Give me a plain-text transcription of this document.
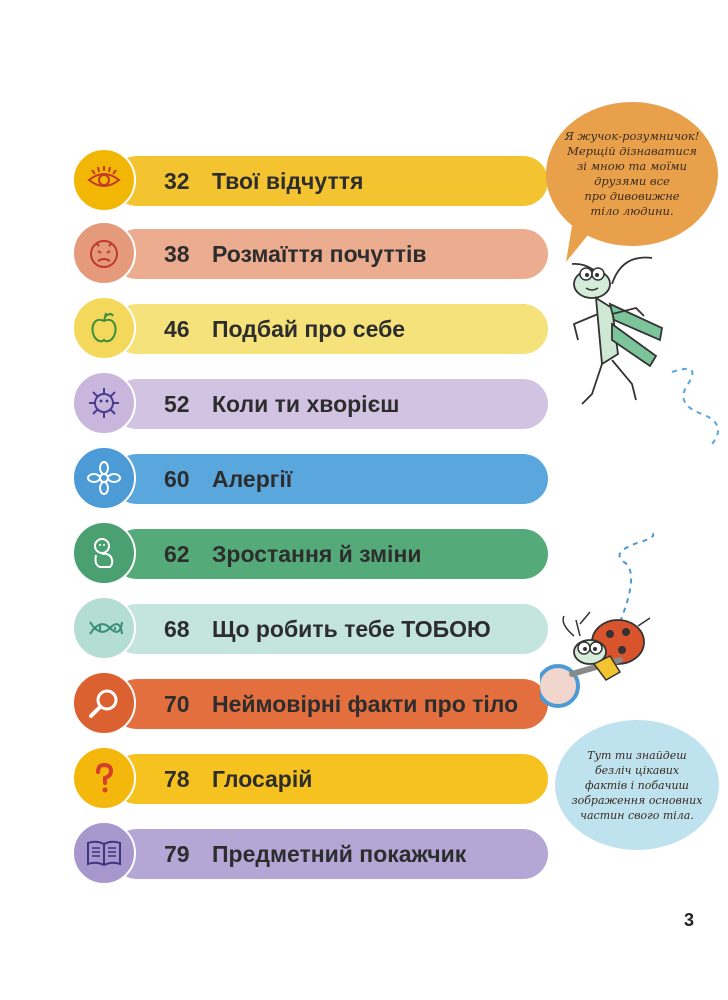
32 Твої відчуття
38 Розмаїття почуттів
46 Подбай про себе
52 Коли ти хворієш
60 Алергії
62 Зростання й зміни
68 Що робить тебе ТОБОЮ
70 Неймовірні факти про тіло
78 Глосарій
79 Предметний покажчик
Я жучок-розумничок!
Мерщій дізнаватися
зі мною та моїми
друзями все
про дивовижне
тіло людини.
Тут ти знайдеш
безліч цікавих
фактів і побачиш
зображення основних
частин свого тіла.
3
